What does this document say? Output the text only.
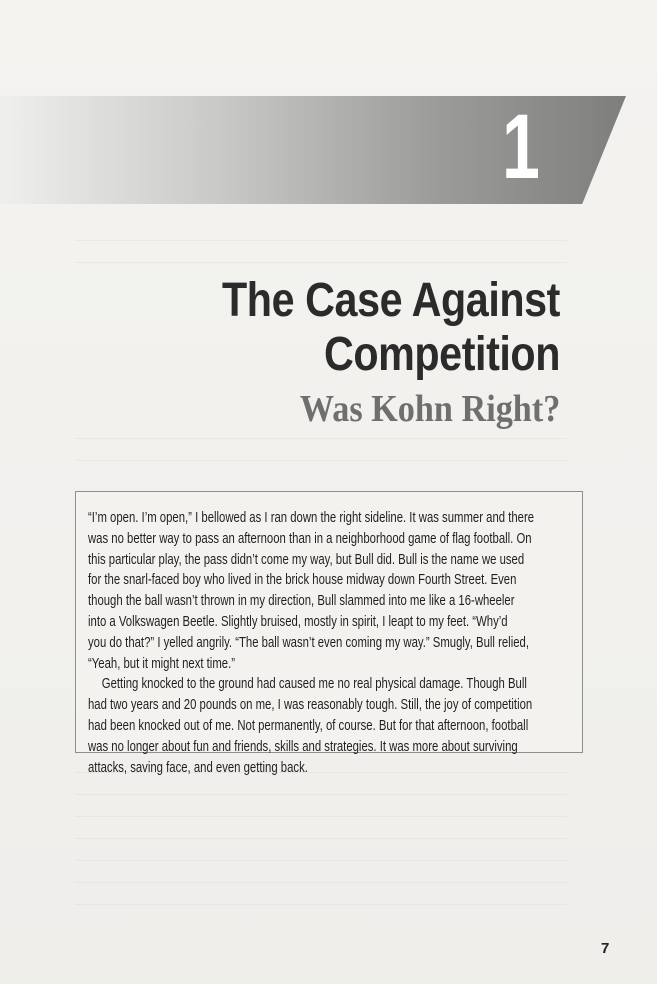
1
The Case Against
Competition
Was Kohn Right?
“I’m open. I’m open,” I bellowed as I ran down the right sideline. It was summer and there
was no better way to pass an afternoon than in a neighborhood game of flag football. On
this particular play, the pass didn’t come my way, but Bull did. Bull is the name we used
for the snarl-faced boy who lived in the brick house midway down Fourth Street. Even
though the ball wasn’t thrown in my direction, Bull slammed into me like a 16-wheeler
into a Volkswagen Beetle. Slightly bruised, mostly in spirit, I leapt to my feet. “Why’d
you do that?” I yelled angrily. “The ball wasn’t even coming my way.” Smugly, Bull relied,
“Yeah, but it might next time.”
Getting knocked to the ground had caused me no real physical damage. Though Bull
had two years and 20 pounds on me, I was reasonably tough. Still, the joy of competition
had been knocked out of me. Not permanently, of course. But for that afternoon, football
was no longer about fun and friends, skills and strategies. It was more about surviving
attacks, saving face, and even getting back.
7
